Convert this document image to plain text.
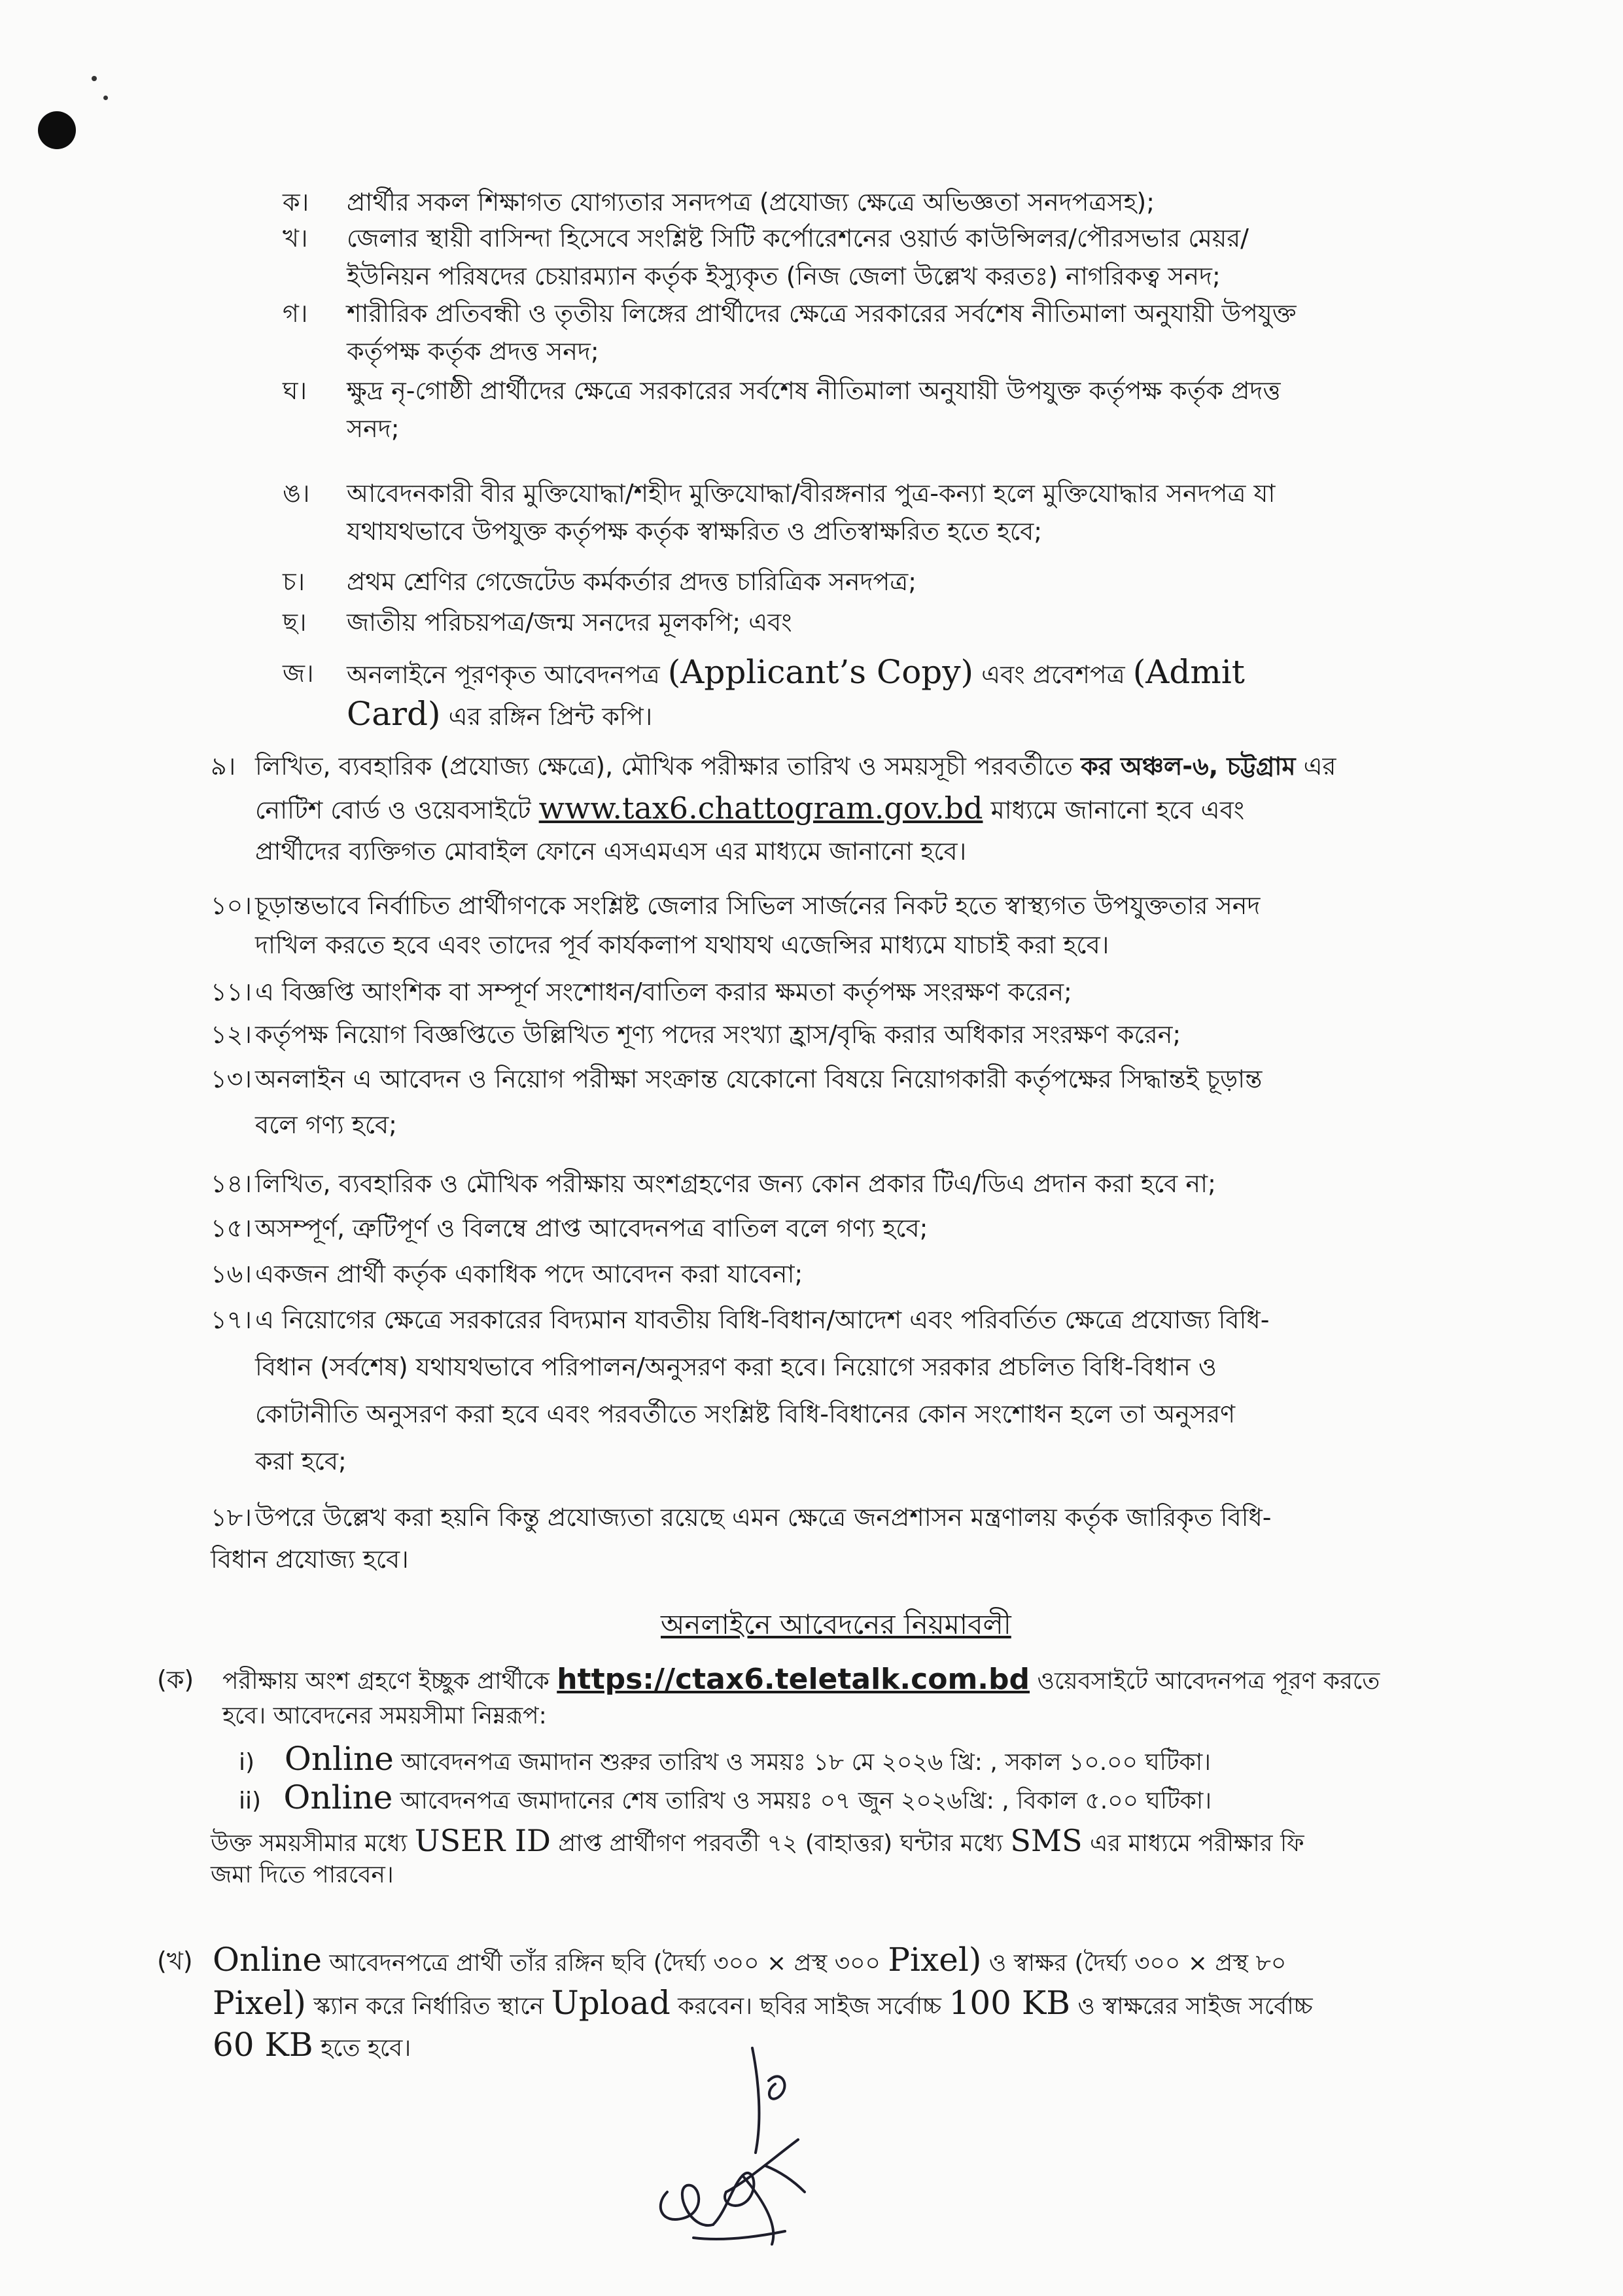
ক। প্রার্থীর সকল শিক্ষাগত যোগ্যতার সনদপত্র (প্রযোজ্য ক্ষেত্রে অভিজ্ঞতা সনদপত্রসহ);
খ। জেলার স্থায়ী বাসিন্দা হিসেবে সংশ্লিষ্ট সিটি কর্পোরেশনের ওয়ার্ড কাউন্সিলর/পৌরসভার মেয়র/
ইউনিয়ন পরিষদের চেয়ারম্যান কর্তৃক ইস্যুকৃত (নিজ জেলা উল্লেখ করতঃ) নাগরিকত্ব সনদ;
গ। শারীরিক প্রতিবন্ধী ও তৃতীয় লিঙ্গের প্রার্থীদের ক্ষেত্রে সরকারের সর্বশেষ নীতিমালা অনুযায়ী উপযুক্ত
কর্তৃপক্ষ কর্তৃক প্রদত্ত সনদ;
ঘ। ক্ষুদ্র নৃ-গোষ্ঠী প্রার্থীদের ক্ষেত্রে সরকারের সর্বশেষ নীতিমালা অনুযায়ী উপযুক্ত কর্তৃপক্ষ কর্তৃক প্রদত্ত
সনদ;
ঙ। আবেদনকারী বীর মুক্তিযোদ্ধা/শহীদ মুক্তিযোদ্ধা/বীরঙ্গনার পুত্র-কন্যা হলে মুক্তিযোদ্ধার সনদপত্র যা
যথাযথভাবে উপযুক্ত কর্তৃপক্ষ কর্তৃক স্বাক্ষরিত ও প্রতিস্বাক্ষরিত হতে হবে;
চ। প্রথম শ্রেণির গেজেটেড কর্মকর্তার প্রদত্ত চারিত্রিক সনদপত্র;
ছ। জাতীয় পরিচয়পত্র/জন্ম সনদের মূলকপি; এবং
জ। অনলাইনে পূরণকৃত আবেদনপত্র (Applicant’s Copy) এবং প্রবেশপত্র (Admit
Card) এর রঙ্গিন প্রিন্ট কপি।
৯। লিখিত, ব্যবহারিক (প্রযোজ্য ক্ষেত্রে), মৌখিক পরীক্ষার তারিখ ও সময়সূচী পরবর্তীতে কর অঞ্চল-৬, চট্টগ্রাম এর
নোটিশ বোর্ড ও ওয়েবসাইটে www.tax6.chattogram.gov.bd মাধ্যমে জানানো হবে এবং
প্রার্থীদের ব্যক্তিগত মোবাইল ফোনে এসএমএস এর মাধ্যমে জানানো হবে।
১০। চূড়ান্তভাবে নির্বাচিত প্রার্থীগণকে সংশ্লিষ্ট জেলার সিভিল সার্জনের নিকট হতে স্বাস্থ্যগত উপযুক্ততার সনদ
দাখিল করতে হবে এবং তাদের পূর্ব কার্যকলাপ যথাযথ এজেন্সির মাধ্যমে যাচাই করা হবে।
১১। এ বিজ্ঞপ্তি আংশিক বা সম্পূর্ণ সংশোধন/বাতিল করার ক্ষমতা কর্তৃপক্ষ সংরক্ষণ করেন;
১২। কর্তৃপক্ষ নিয়োগ বিজ্ঞপ্তিতে উল্লিখিত শূণ্য পদের সংখ্যা হ্রাস/বৃদ্ধি করার অধিকার সংরক্ষণ করেন;
১৩। অনলাইন এ আবেদন ও নিয়োগ পরীক্ষা সংক্রান্ত যেকোনো বিষয়ে নিয়োগকারী কর্তৃপক্ষের সিদ্ধান্তই চূড়ান্ত
বলে গণ্য হবে;
১৪। লিখিত, ব্যবহারিক ও মৌখিক পরীক্ষায় অংশগ্রহণের জন্য কোন প্রকার টিএ/ডিএ প্রদান করা হবে না;
১৫। অসম্পূর্ণ, ত্রুটিপূর্ণ ও বিলম্বে প্রাপ্ত আবেদনপত্র বাতিল বলে গণ্য হবে;
১৬। একজন প্রার্থী কর্তৃক একাধিক পদে আবেদন করা যাবেনা;
১৭। এ নিয়োগের ক্ষেত্রে সরকারের বিদ্যমান যাবতীয় বিধি-বিধান/আদেশ এবং পরিবর্তিত ক্ষেত্রে প্রযোজ্য বিধি-
বিধান (সর্বশেষ) যথাযথভাবে পরিপালন/অনুসরণ করা হবে। নিয়োগে সরকার প্রচলিত বিধি-বিধান ও
কোটানীতি অনুসরণ করা হবে এবং পরবর্তীতে সংশ্লিষ্ট বিধি-বিধানের কোন সংশোধন হলে তা অনুসরণ
করা হবে;
১৮। উপরে উল্লেখ করা হয়নি কিন্তু প্রযোজ্যতা রয়েছে এমন ক্ষেত্রে জনপ্রশাসন মন্ত্রণালয় কর্তৃক জারিকৃত বিধি-
বিধান প্রযোজ্য হবে।
অনলাইনে আবেদনের নিয়মাবলী
(ক) পরীক্ষায় অংশ গ্রহণে ইচ্ছুক প্রার্থীকে https://ctax6.teletalk.com.bd ওয়েবসাইটে আবেদনপত্র পূরণ করতে
হবে। আবেদনের সময়সীমা নিম্নরূপ:
i) Online আবেদনপত্র জমাদান শুরুর তারিখ ও সময়ঃ ১৮ মে ২০২৬ খ্রি: , সকাল ১০.০০ ঘটিকা।
ii) Online আবেদনপত্র জমাদানের শেষ তারিখ ও সময়ঃ ০৭ জুন ২০২৬খ্রি: , বিকাল ৫.০০ ঘটিকা।
উক্ত সময়সীমার মধ্যে USER ID প্রাপ্ত প্রার্থীগণ পরবর্তী ৭২ (বাহাত্তর) ঘন্টার মধ্যে SMS এর মাধ্যমে পরীক্ষার ফি
জমা দিতে পারবেন।
(খ) Online আবেদনপত্রে প্রার্থী তাঁর রঙ্গিন ছবি (দৈর্ঘ্য ৩০০ × প্রস্থ ৩০০ Pixel) ও স্বাক্ষর (দৈর্ঘ্য ৩০০ × প্রস্থ ৮০
Pixel) স্ক্যান করে নির্ধারিত স্থানে Upload করবেন। ছবির সাইজ সর্বোচ্চ 100 KB ও স্বাক্ষরের সাইজ সর্বোচ্চ
60 KB হতে হবে।
